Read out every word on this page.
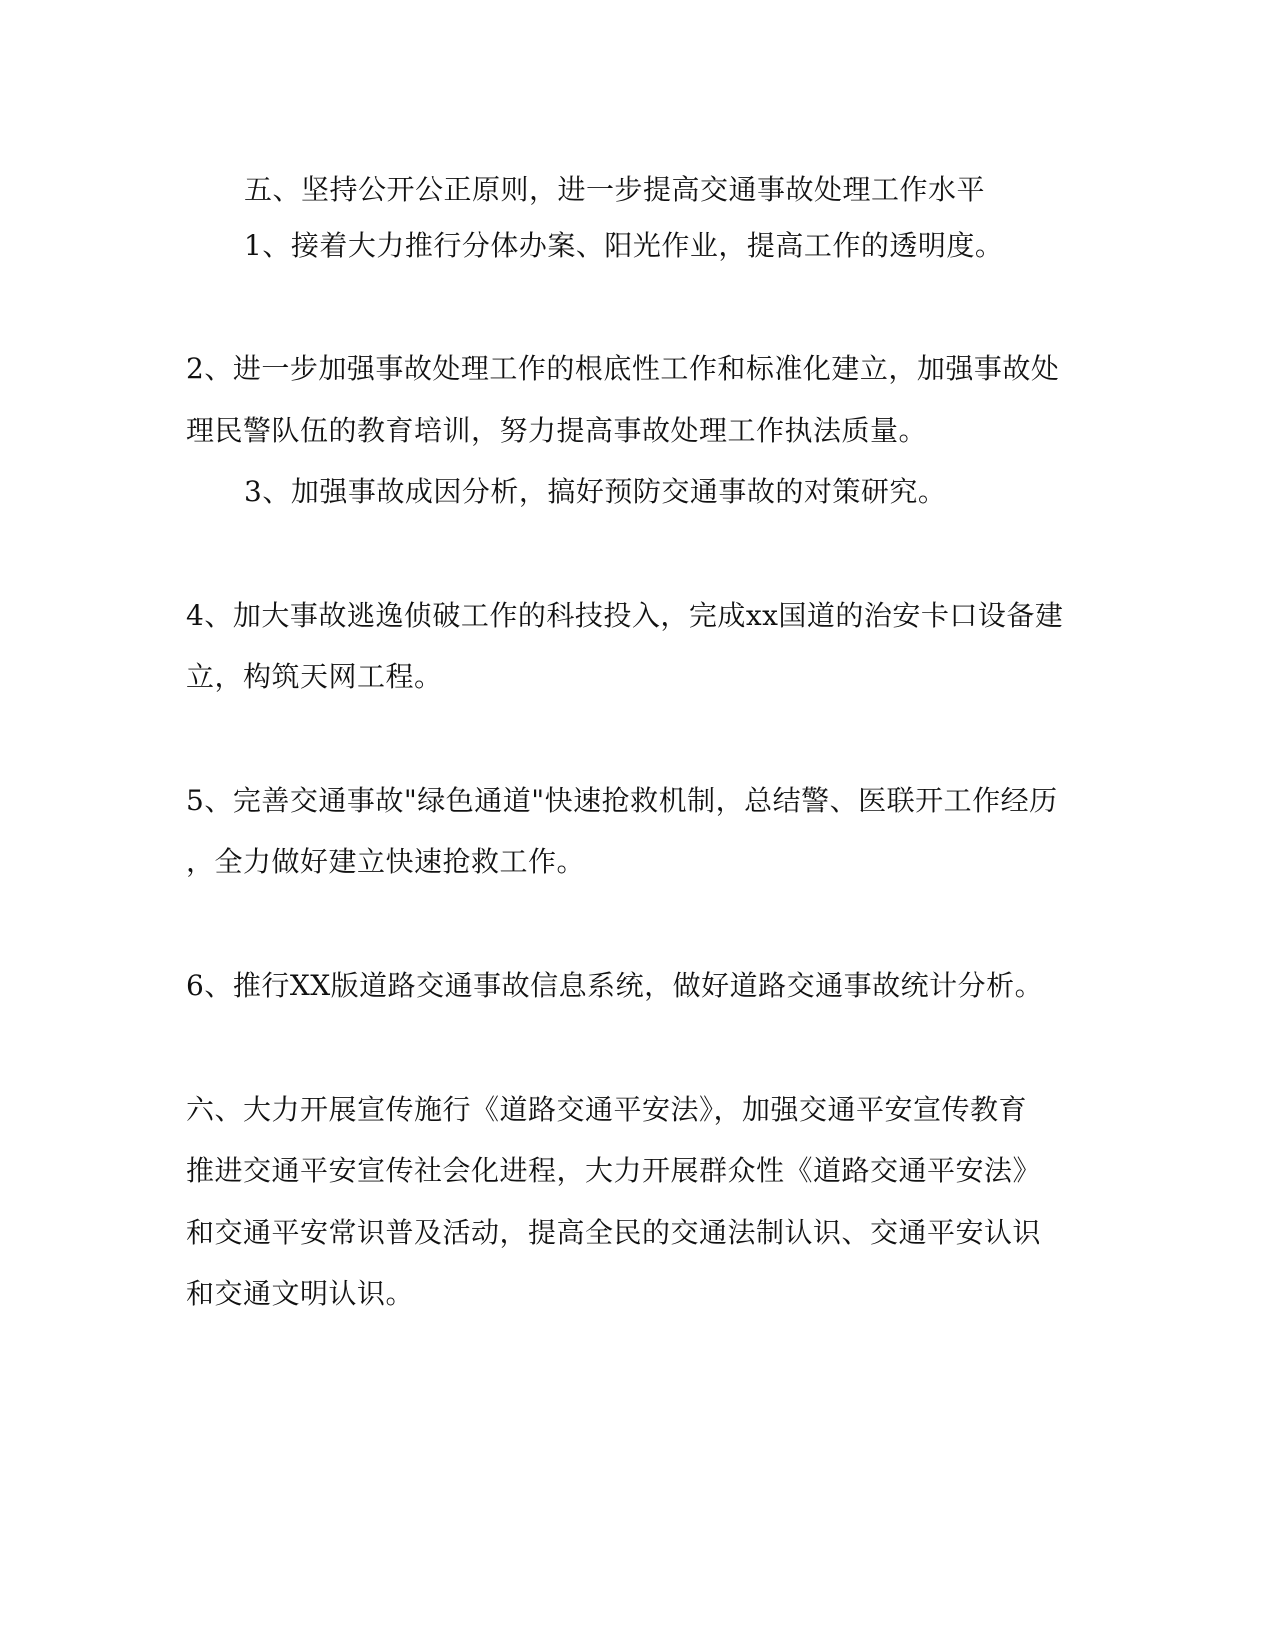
五、坚持公开公正原则，进一步提高交通事故处理工作水平
1、接着大力推行分体办案、阳光作业，提高工作的透明度。
2、进一步加强事故处理工作的根底性工作和标准化建立，加强事故处
理民警队伍的教育培训，努力提高事故处理工作执法质量。
3、加强事故成因分析，搞好预防交通事故的对策研究。
4、加大事故逃逸侦破工作的科技投入，完成xx国道的治安卡口设备建
立，构筑天网工程。
5、完善交通事故"绿色通道"快速抢救机制，总结警、医联开工作经历
，全力做好建立快速抢救工作。
6、推行XX版道路交通事故信息系统，做好道路交通事故统计分析。
六、大力开展宣传施行《道路交通平安法》，加强交通平安宣传教育
推进交通平安宣传社会化进程，大力开展群众性《道路交通平安法》
和交通平安常识普及活动，提高全民的交通法制认识、交通平安认识
和交通文明认识。
